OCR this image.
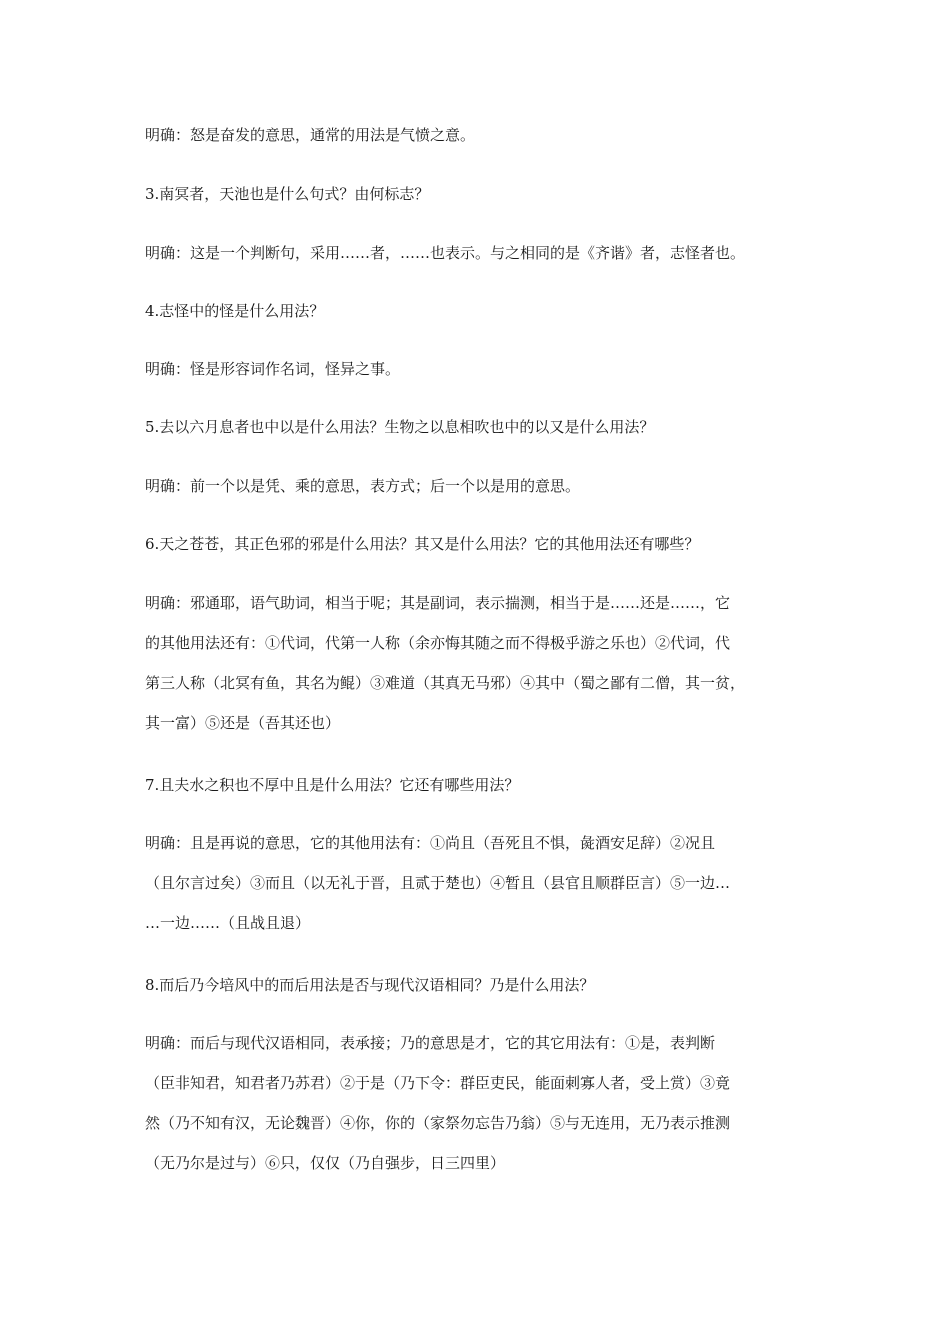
明确：怒是奋发的意思，通常的用法是气愤之意。

3.南冥者，天池也是什么句式？由何标志？

明确：这是一个判断句，采用……者，……也表示。与之相同的是《齐谐》者，志怪者也。

4.志怪中的怪是什么用法？

明确：怪是形容词作名词，怪异之事。

5.去以六月息者也中以是什么用法？生物之以息相吹也中的以又是什么用法？

明确：前一个以是凭、乘的意思，表方式；后一个以是用的意思。

6.天之苍苍，其正色邪的邪是什么用法？其又是什么用法？它的其他用法还有哪些？

明确：邪通耶，语气助词，相当于呢；其是副词，表示揣测，相当于是……还是……，它
的其他用法还有：①代词，代第一人称（余亦悔其随之而不得极乎游之乐也）②代词，代
第三人称（北冥有鱼，其名为鲲）③难道（其真无马邪）④其中（蜀之鄙有二僧，其一贫，
其一富）⑤还是（吾其还也）

7.且夫水之积也不厚中且是什么用法？它还有哪些用法？

明确：且是再说的意思，它的其他用法有：①尚且（吾死且不惧，彘酒安足辞）②况且
（且尔言过矣）③而且（以无礼于晋，且贰于楚也）④暂且（县官且顺群臣言）⑤一边…
…一边……（且战且退）

8.而后乃今培风中的而后用法是否与现代汉语相同？乃是什么用法？

明确：而后与现代汉语相同，表承接；乃的意思是才，它的其它用法有：①是，表判断
（臣非知君，知君者乃苏君）②于是（乃下令：群臣吏民，能面刺寡人者，受上赏）③竟
然（乃不知有汉，无论魏晋）④你，你的（家祭勿忘告乃翁）⑤与无连用，无乃表示推测
（无乃尔是过与）⑥只，仅仅（乃自强步，日三四里）
